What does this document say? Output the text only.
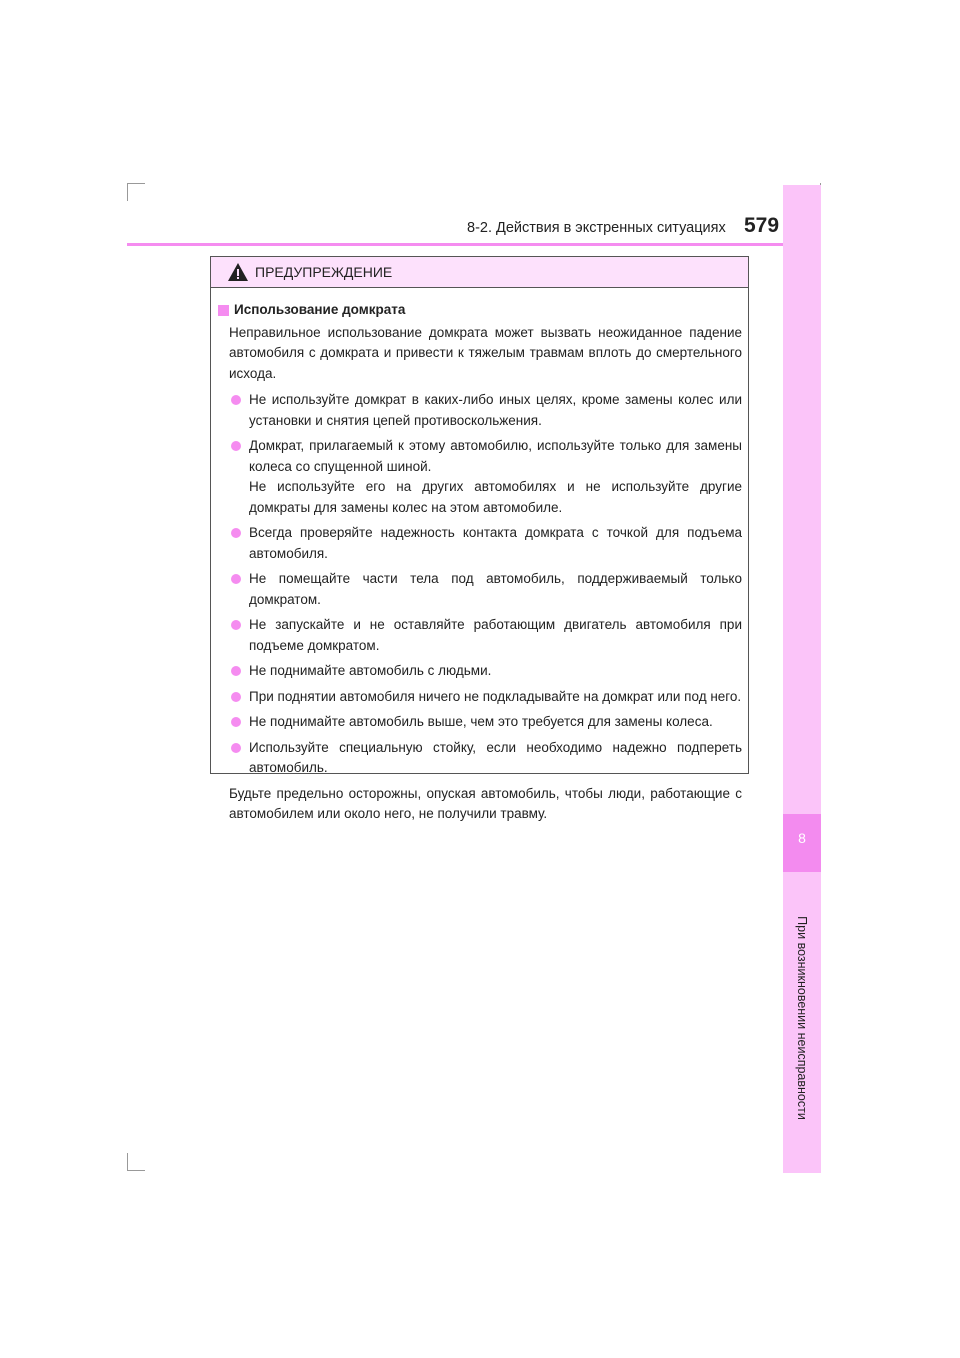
8-2. Действия в экстренных ситуациях 579
8
При возникновении неисправности
ПРЕДУПРЕЖДЕНИЕ
Использование домкрата
Неправильное использование домкрата может вызвать неожиданное падение автомобиля с домкрата и привести к тяжелым травмам вплоть до смертельного исхода.

Не используйте домкрат в каких-либо иных целях, кроме замены колес или установки и снятия цепей противоскольжения.

Домкрат, прилагаемый к этому автомобилю, используйте только для замены колеса со спущенной шиной.

Не используйте его на других автомобилях и не используйте другие домкраты для замены колес на этом автомобиле.

Всегда проверяйте надежность контакта домкрата с точкой для подъема автомобиля.

Не помещайте части тела под автомобиль, поддерживаемый только домкратом.

Не запускайте и не оставляйте работающим двигатель автомобиля при подъеме домкратом.

Не поднимайте автомобиль с людьми.

При поднятии автомобиля ничего не подкладывайте на домкрат или под него.

Не поднимайте автомобиль выше, чем это требуется для замены колеса.

Используйте специальную стойку, если необходимо надежно подпереть автомобиль.

Будьте предельно осторожны, опуская автомобиль, чтобы люди, работающие с автомобилем или около него, не получили травму.
